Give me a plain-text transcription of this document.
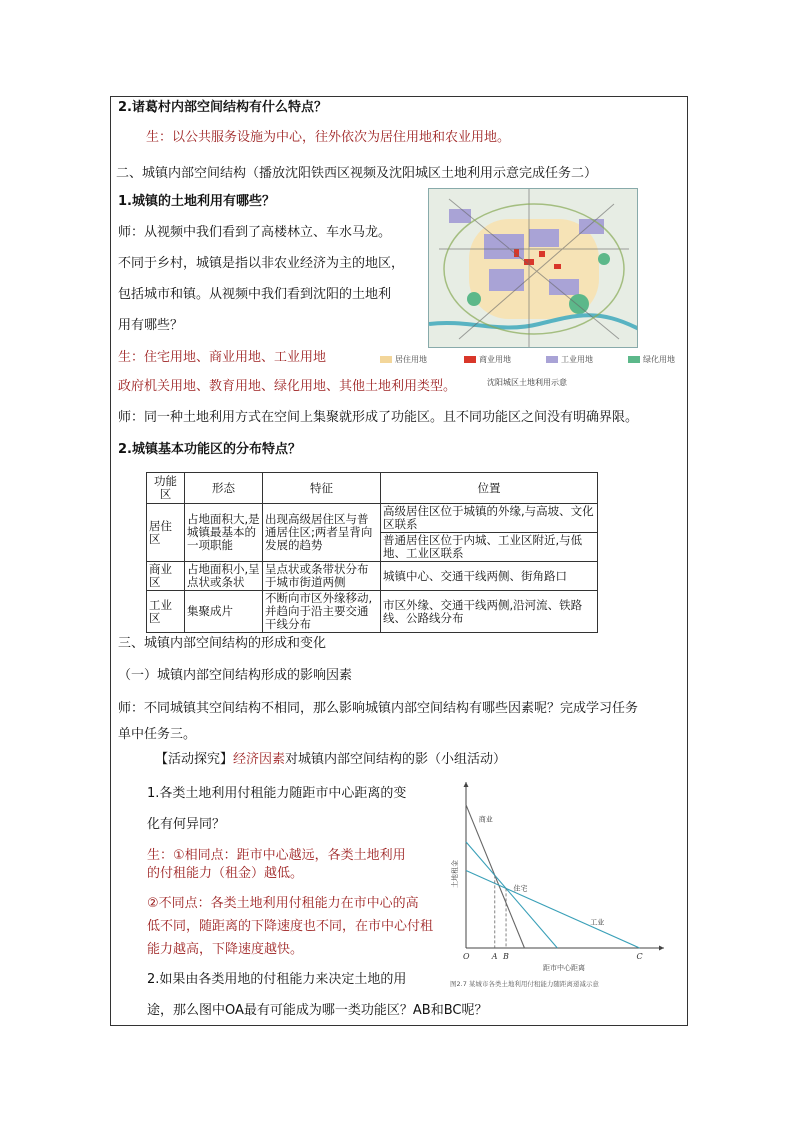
2.诸葛村内部空间结构有什么特点？
生：以公共服务设施为中心，往外依次为居住用地和农业用地。
二、城镇内部空间结构（播放沈阳铁西区视频及沈阳城区土地利用示意完成任务二）
1.城镇的土地利用有哪些？
师：从视频中我们看到了高楼林立、车水马龙。
不同于乡村，城镇是指以非农业经济为主的地区，
包括城市和镇。从视频中我们看到沈阳的土地利
用有哪些？
生：住宅用地、商业用地、工业用地
政府机关用地、教育用地、绿化用地、其他土地利用类型。
居住用地	商业用地	工业用地	绿化用地
沈阳城区土地利用示意
师：同一种土地利用方式在空间上集聚就形成了功能区。且不同功能区之间没有明确界限。
2.城镇基本功能区的分布特点？
功能区	形态	特征	位置
居住区	占地面积大,是城镇最基本的一项职能	出现高级居住区与普通居住区;两者呈背向发展的趋势	高级居住区位于城镇的外缘,与高坡、文化区联系
			普通居住区位于内城、工业区附近,与低地、工业区联系
商业区	占地面积小,呈点状或条状	呈点状或条带状分布于城市街道两侧	城镇中心、交通干线两侧、街角路口
工业区	集聚成片	不断向市区外缘移动,并趋向于沿主要交通干线分布	市区外缘、交通干线两侧,沿河流、铁路线、公路线分布
三、城镇内部空间结构的形成和变化
（一）城镇内部空间结构形成的影响因素
师：不同城镇其空间结构不相同，那么影响城镇内部空间结构有哪些因素呢？完成学习任务
单中任务三。
【活动探究】经济因素对城镇内部空间结构的影（小组活动）
1.各类土地利用付租能力随距市中心距离的变
化有何异同？
生：①相同点：距市中心越远，各类土地利用
的付租能力（租金）越低。
②不同点：各类土地利用付租能力在市中心的高
低不同，随距离的下降速度也不同，在市中心付租
能力越高，下降速度越快。
2.如果由各类用地的付租能力来决定土地的用
途，那么图中OA最有可能成为哪一类功能区？AB和BC呢？
土地租金
距市中心距离
商业
住宅
工业
O	A B	C
图2.7 某城市各类土地利用付租能力随距离递减示意
